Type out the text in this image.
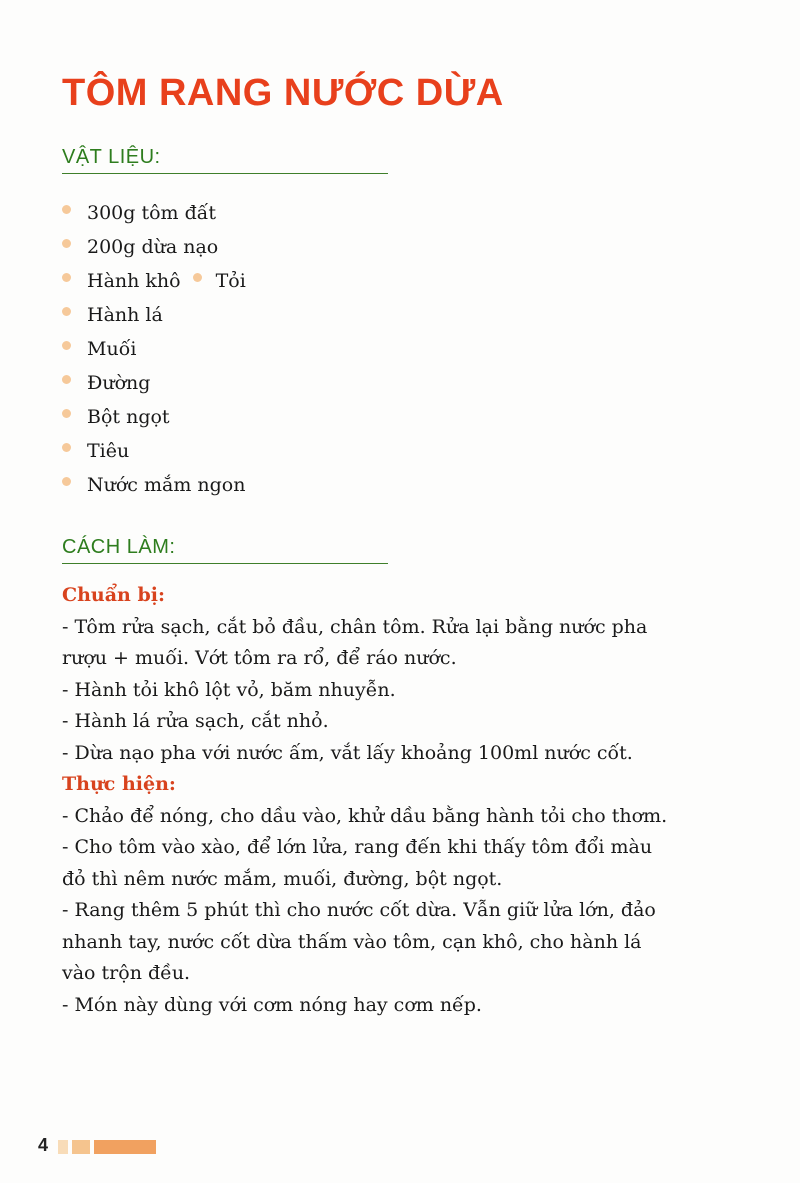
TÔM RANG NƯỚC DỪA
VẬT LIỆU:
300g tôm đất
200g dừa nạo
Hành khô Tỏi
Hành lá
Muối
Đường
Bột ngọt
Tiêu
Nước mắm ngon
CÁCH LÀM:
Chuẩn bị:
- Tôm rửa sạch, cắt bỏ đầu, chân tôm. Rửa lại bằng nước pha
rượu + muối. Vớt tôm ra rổ, để ráo nước.
- Hành tỏi khô lột vỏ, băm nhuyễn.
- Hành lá rửa sạch, cắt nhỏ.
- Dừa nạo pha với nước ấm, vắt lấy khoảng 100ml nước cốt.
Thực hiện:
- Chảo để nóng, cho dầu vào, khử dầu bằng hành tỏi cho thơm.
- Cho tôm vào xào, để lớn lửa, rang đến khi thấy tôm đổi màu
đỏ thì nêm nước mắm, muối, đường, bột ngọt.
- Rang thêm 5 phút thì cho nước cốt dừa. Vẫn giữ lửa lớn, đảo
nhanh tay, nước cốt dừa thấm vào tôm, cạn khô, cho hành lá
vào trộn đều.
- Món này dùng với cơm nóng hay cơm nếp.
4
